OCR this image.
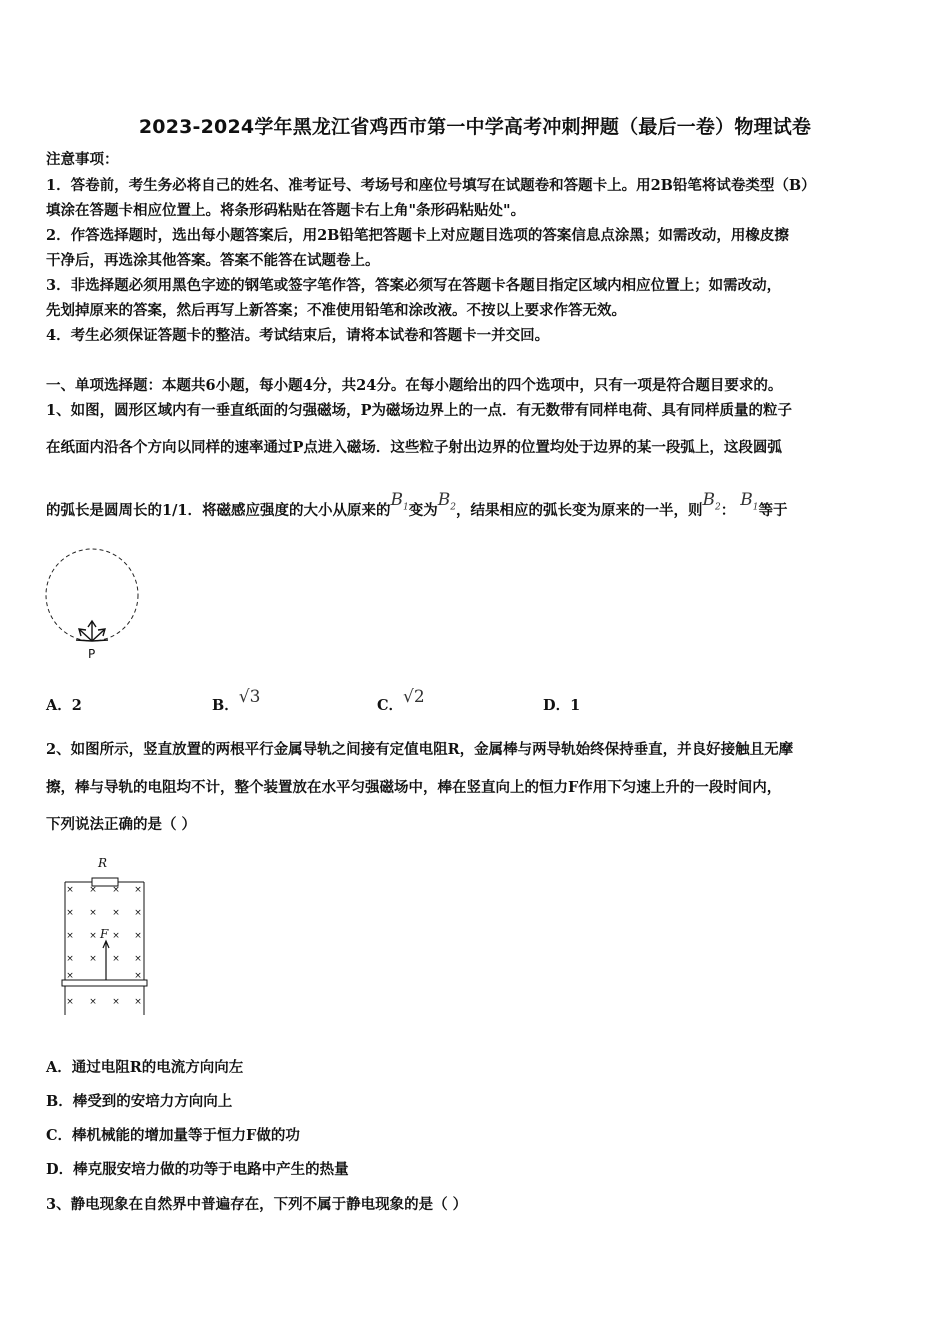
2023-2024学年黑龙江省鸡西市第一中学高考冲刺押题（最后一卷）物理试卷
注意事项：
1．答卷前，考生务必将自己的姓名、准考证号、考场号和座位号填写在试题卷和答题卡上。用2B铅笔将试卷类型（B）
填涂在答题卡相应位置上。将条形码粘贴在答题卡右上角"条形码粘贴处"。
2．作答选择题时，选出每小题答案后，用2B铅笔把答题卡上对应题目选项的答案信息点涂黑；如需改动，用橡皮擦
干净后，再选涂其他答案。答案不能答在试题卷上。
3．非选择题必须用黑色字迹的钢笔或签字笔作答，答案必须写在答题卡各题目指定区域内相应位置上；如需改动，
先划掉原来的答案，然后再写上新答案；不准使用铅笔和涂改液。不按以上要求作答无效。
4．考生必须保证答题卡的整洁。考试结束后，请将本试卷和答题卡一并交回。
一、单项选择题：本题共6小题，每小题4分，共24分。在每小题给出的四个选项中，只有一项是符合题目要求的。
1、如图，圆形区域内有一垂直纸面的匀强磁场，P为磁场边界上的一点．有无数带有同样电荷、具有同样质量的粒子
在纸面内沿各个方向以同样的速率通过P点进入磁场．这些粒子射出边界的位置均处于边界的某一段弧上，这段圆弧
的弧长是圆周长的1/1．将磁感应强度的大小从原来的$B_1$变为$B_2$，结果相应的弧长变为原来的一半，则$B_2$： $B_1$等于
P
A．2	B．√3	C．√2	D．1
2、如图所示，竖直放置的两根平行金属导轨之间接有定值电阻R，金属棒与两导轨始终保持垂直，并良好接触且无摩
擦，棒与导轨的电阻均不计，整个装置放在水平匀强磁场中，棒在竖直向上的恒力F作用下匀速上升的一段时间内，
下列说法正确的是（ ）
R
× × × ×
× × × ×
× × × ×
× × × ×
×	×
× × × ×
F
A．通过电阻R的电流方向向左
B．棒受到的安培力方向向上
C．棒机械能的增加量等于恒力F做的功
D．棒克服安培力做的功等于电路中产生的热量
3、静电现象在自然界中普遍存在，下列不属于静电现象的是（ ）
